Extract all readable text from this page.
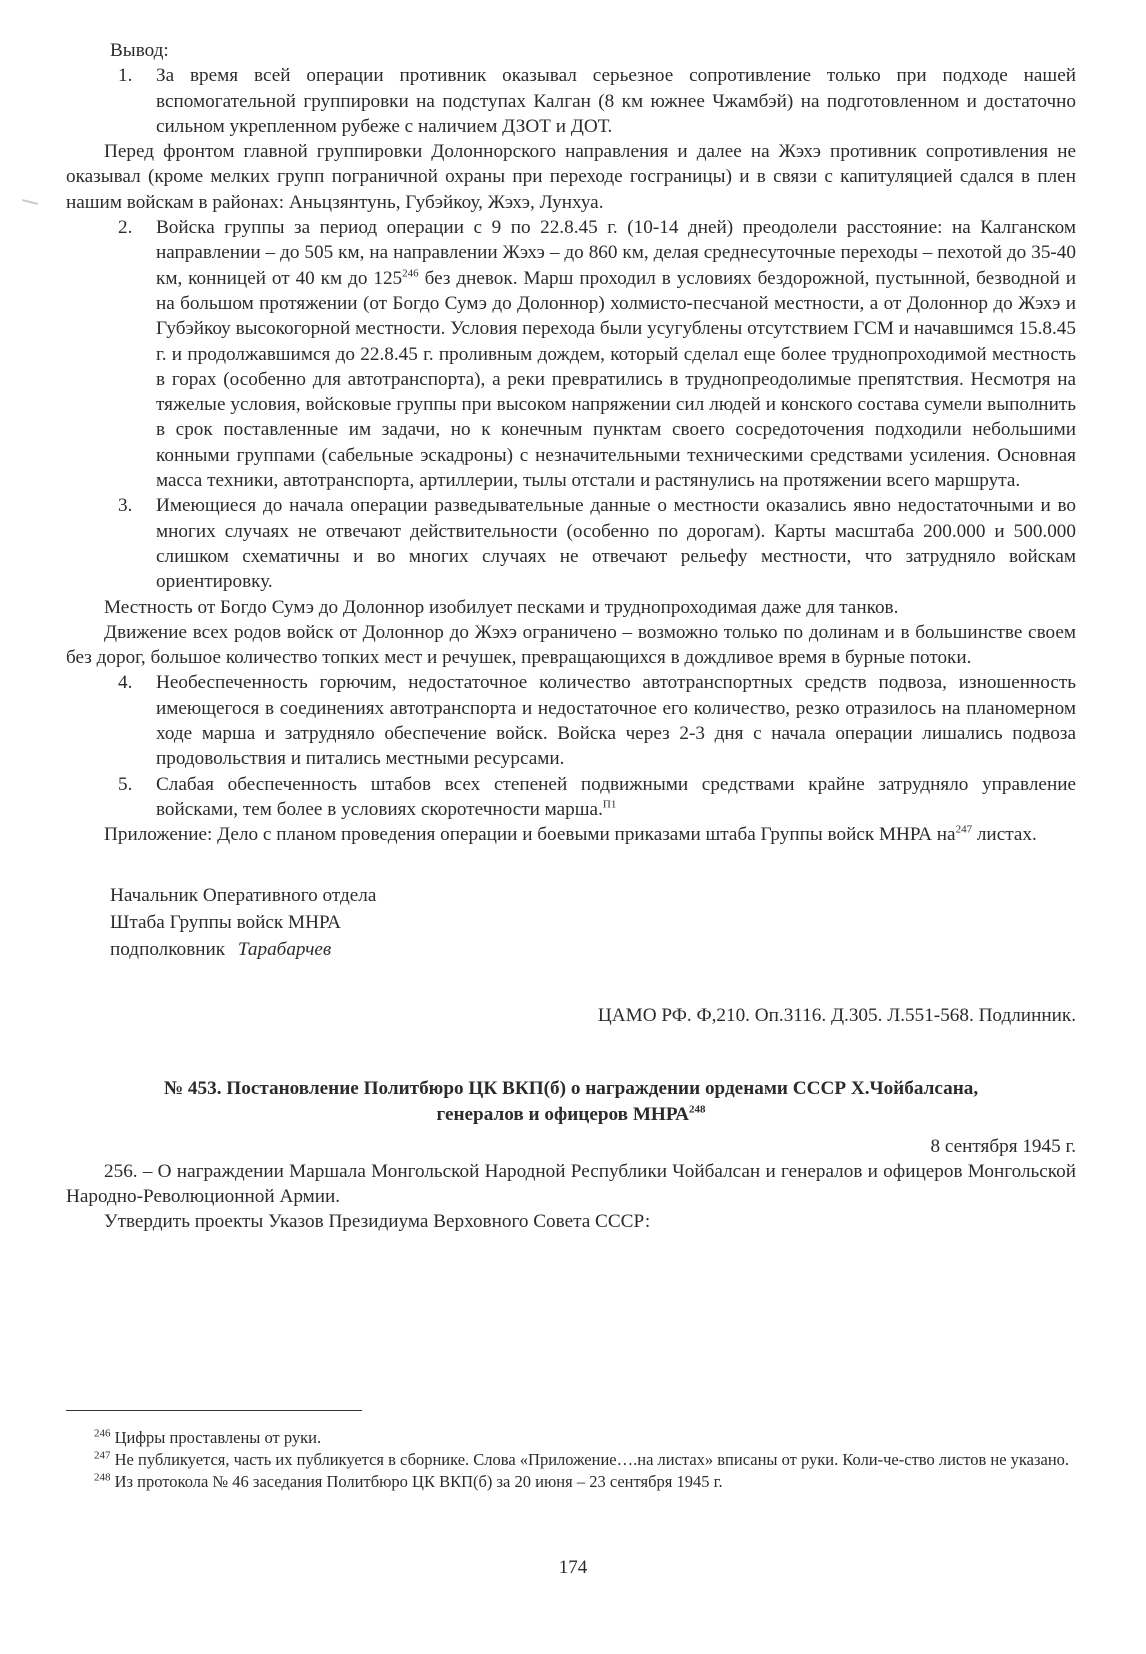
Вывод:

1. За время всей операции противник оказывал серьезное сопротивление только при подходе нашей вспомогательной группировки на подступах Калган (8 км южнее Чжамбэй) на подготовленном и достаточно сильном укрепленном рубеже с наличием ДЗОТ и ДОТ.

Перед фронтом главной группировки Долоннорского направления и далее на Жэхэ противник сопротивления не оказывал (кроме мелких групп пограничной охраны при переходе госграницы) и в связи с капитуляцией сдался в плен нашим войскам в районах: Аньцзянтунь, Губэйкоу, Жэхэ, Лунхуа.

2. Войска группы за период операции с 9 по 22.8.45 г. (10-14 дней) преодолели расстояние: на Калганском направлении – до 505 км, на направлении Жэхэ – до 860 км, делая среднесуточные переходы – пехотой до 35-40 км, конницей от 40 км до $125^{246}$ без дневок. Марш проходил в условиях бездорожной, пустынной, безводной и на большом протяжении (от Богдо Сумэ до Долоннор) холмисто-песчаной местности, а от Долоннор до Жэхэ и Губэйкоу высокогорной местности. Условия перехода были усугублены отсутствием ГСМ и начавшимся 15.8.45 г. и продолжавшимся до 22.8.45 г. проливным дождем, который сделал еще более труднопроходимой местность в горах (особенно для автотранспорта), а реки превратились в труднопреодолимые препятствия. Несмотря на тяжелые условия, войсковые группы при высоком напряжении сил людей и конского состава сумели выполнить в срок поставленные им задачи, но к конечным пунктам своего сосредоточения подходили небольшими конными группами (сабельные эскадроны) с незначительными техническими средствами усиления. Основная масса техники, автотранспорта, артиллерии, тылы отстали и растянулись на протяжении всего маршрута.

3. Имеющиеся до начала операции разведывательные данные о местности оказались явно недостаточными и во многих случаях не отвечают действительности (особенно по дорогам). Карты масштаба 200.000 и 500.000 слишком схематичны и во многих случаях не отвечают рельефу местности, что затрудняло войскам ориентировку.

Местность от Богдо Сумэ до Долоннор изобилует песками и труднопроходимая даже для танков.

Движение всех родов войск от Долоннор до Жэхэ ограничено – возможно только по долинам и в большинстве своем без дорог, большое количество топких мест и речушек, превращающихся в дождливое время в бурные потоки.

4. Необеспеченность горючим, недостаточное количество автотранспортных средств подвоза, изношенность имеющегося в соединениях автотранспорта и недостаточное его количество, резко отразилось на планомерном ходе марша и затрудняло обеспечение войск. Войска через 2-3 дня с начала операции лишались подвоза продовольствия и питались местными ресурсами.

5. Слабая обеспеченность штабов всех степеней подвижными средствами крайне затрудняло управление войсками, тем более в условиях скоротечности марша.$^{П1}$

Приложение: Дело с планом проведения операции и боевыми приказами штаба Группы войск МНРА $на^{247}$ листах.

Начальник Оперативного отдела
Штаба Группы войск МНРА
подполковник Тарабарчев
ЦАМО РФ. Ф,210. Оп.3116. Д.305. Л.551-568. Подлинник.
№ 453. Постановление Политбюро ЦК ВКП(б) о награждении орденами СССР Х.Чойбалсана,
генералов и офицеров МНРА$^{248}$
8 сентября 1945 г.

256. – О награждении Маршала Монгольской Народной Республики Чойбалсан и генералов и офицеров Монгольской Народно-Революционной Армии.

Утвердить проекты Указов Президиума Верховного Совета СССР:

$^{246}$ Цифры проставлены от руки.

$^{247}$ Не публикуется, часть их публикуется в сборнике. Слова «Приложение….на листах» вписаны от руки. Коли-че-ство листов не указано.

$^{248}$ Из протокола № 46 заседания Политбюро ЦК ВКП(б) за 20 июня – 23 сентября 1945 г.

174
